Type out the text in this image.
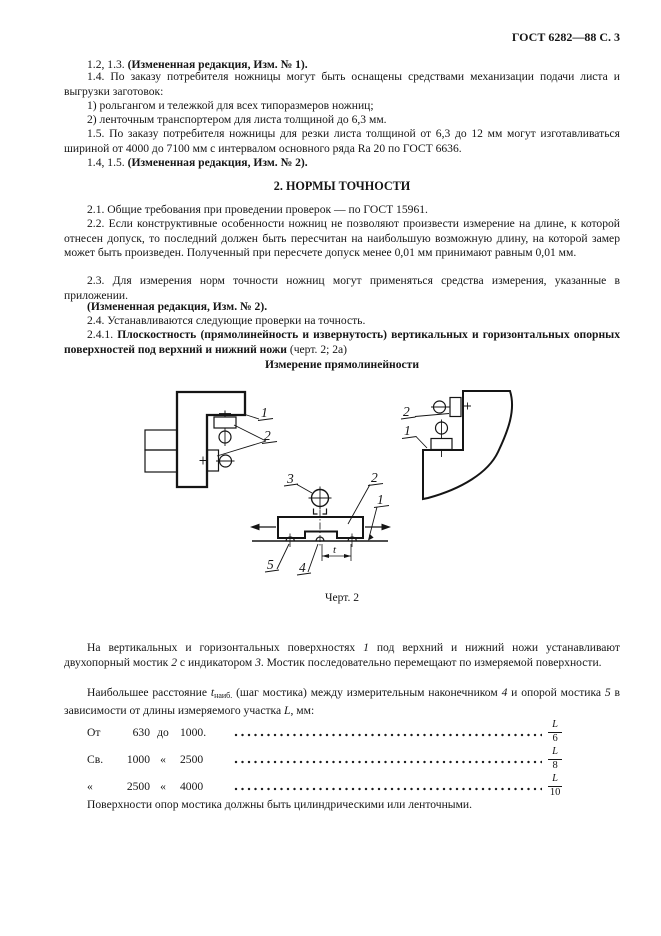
ГОСТ 6282—88 С. 3
1.2, 1.3. (Измененная редакция, Изм. № 1).
1.4. По заказу потребителя ножницы могут быть оснащены средствами механизации подачи листа и выгрузки заготовок:
1) рольгангом и тележкой для всех типоразмеров ножниц;
2) ленточным транспортером для листа толщиной до 6,3 мм.
1.5. По заказу потребителя ножницы для резки листа толщиной от 6,3 до 12 мм могут изготавливаться шириной от 4000 до 7100 мм с интервалом основного ряда Ra 20 по ГОСТ 6636.
1.4, 1.5. (Измененная редакция, Изм. № 2).
2. НОРМЫ ТОЧНОСТИ
2.1. Общие требования при проведении проверок — по ГОСТ 15961.
2.2. Если конструктивные особенности ножниц не позволяют произвести измерение на длине, к которой отнесен допуск, то последний должен быть пересчитан на наибольшую возможную длину, на которой замер может быть произведен. Полученный при пересчете допуск менее 0,01 мм принимают равным 0,01 мм.
2.3. Для измерения норм точности ножниц могут применяться средства измерения, указанные в приложении.
(Измененная редакция, Изм. № 2).
2.4. Устанавливаются следующие проверки на точность.
2.4.1. Плоскостность (прямолинейность и извернутость) вертикальных и горизонтальных опорных поверхностей под верхний и нижний ножи (черт. 2; 2а)
Измерение прямолинейности
1
2
2
1
t
3	2
1
5 4
Черт. 2
На вертикальных и горизонтальных поверхностях 1 под верхний и нижний ножи устанавливают двухопорный мостик 2 с индикатором 3. Мостик последовательно перемещают по измеряемой поверхности.
Наибольшее расстояние $t_{наиб.}$ (шаг мостика) между измерительным наконечником 4 и опорой мостика 5 в зависимости от длины измеряемого участка L, мм:
От	630 до 1000.	$\frac{L}{6}$
Св.	1000 «	2500	$\frac{L}{8}$
«	2500 «	4000	$\frac{L}{10}$
Поверхности опор мостика должны быть цилиндрическими или ленточными.
